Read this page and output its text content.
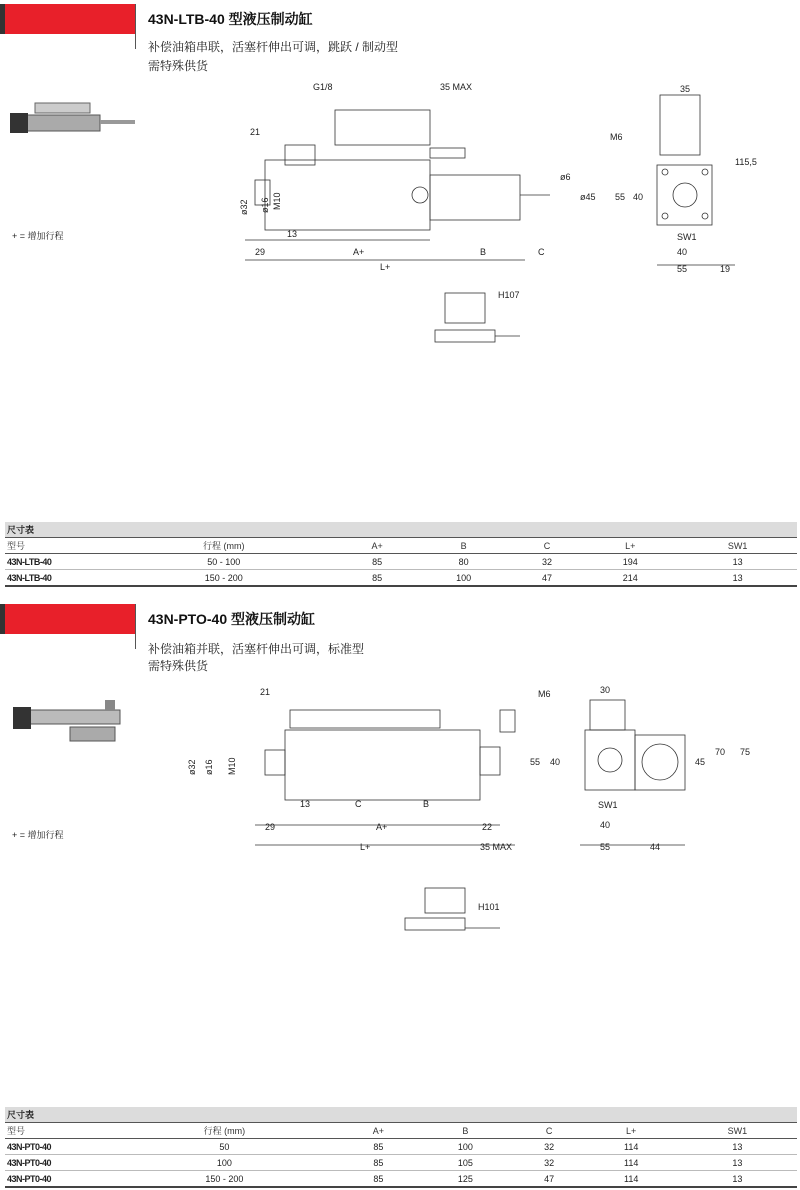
43N-LTB-40 型液压制动缸
补偿油箱串联，活塞杆伸出可调，跳跃 / 制动型
需特殊供货
+ = 增加行程
G1/8	35 MAX
21
ø32 ø16 M10
13
29	A+	B	C
L+
ø6
ø45
35
M6
115,5
55 40
SW1
40
55	19
H107
尺寸表						
型号	行程 (mm)	A+	B	C	L+	SW1
43N-LTB-40	50 - 100	85	80	32	194	13
43N-LTB-40	150 - 200	85	100	47	214	13
43N-PTO-40 型液压制动缸
补偿油箱并联，活塞杆伸出可调，标准型
需特殊供货
+ = 增加行程
21
ø32 ø16 M10
13	C	B
29	A+	22
L+	35 MAX
M6	30
55 40	45
70 75
SW1
40
55	44
H101
尺寸表						
型号	行程 (mm)	A+	B	C	L+	SW1
43N-PT0-40	50	85	100	32	114	13
43N-PT0-40	100	85	105	32	114	13
43N-PT0-40	150 - 200	85	125	47	114	13
